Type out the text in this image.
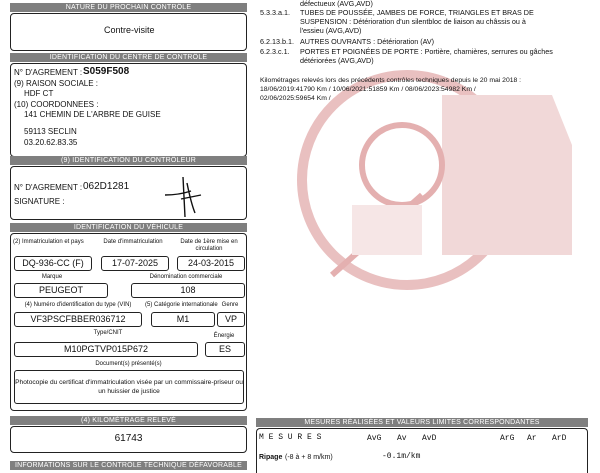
NATURE DU PROCHAIN CONTRÔLE
Contre-visite
IDENTIFICATION DU CENTRE DE CONTRÔLE
N° D'AGREMENT : S059F508
(9) RAISON SOCIALE :
HDF CT
(10) COORDONNEES :
141 CHEMIN DE L'ARBRE DE GUISE
59113 SECLIN
03.20.62.83.35
(9) IDENTIFICATION DU CONTRÔLEUR
N° D'AGREMENT : 062D1281
SIGNATURE :
IDENTIFICATION DU VÉHICULE
(2) Immatriculation et pays	Date d'immatriculation	Date de 1ère mise en circulation
DQ-936-CC (F)	17-07-2025	24-03-2015
Marque	Dénomination commerciale
PEUGEOT	108
(4) Numéro d'identification du type (VIN)	(5) Catégorie internationale Genre
VF3PSCFBBER036712	M1	VP
Type/CNIT	Énergie
M10PGTVP015P672	ES
Document(s) présenté(s)
Photocopie du certificat d'immatriculation visée par un commissaire-priseur ou
un huissier de justice
(4) KILOMÉTRAGE RELEVÉ
61743
INFORMATIONS SUR LE CONTRÔLE TECHNIQUE DÉFAVORABLE
défectueux (AVG,AVD)
5.3.3.a.1. TUBES DE POUSSÉE, JAMBES DE FORCE, TRIANGLES ET BRAS DE
SUSPENSION : Détérioration d'un silentbloc de liaison au châssis ou à
l'essieu (AVG,AVD)
6.2.13.b.1. AUTRES OUVRANTS : Détérioration (AV)
6.2.3.c.1. PORTES ET POIGNÉES DE PORTE : Portière, charnières, serrures ou gâches
détériorées (AVG,AVD)
Kilométrages relevés lors des précédents contrôles techniques depuis le 20 mai 2018 :
18/06/2019:41790 Km / 10/06/2021:51859 Km / 08/06/2023:54982 Km /
02/06/2025:59654 Km /
MESURES RÉALISÉES ET VALEURS LIMITES CORRESPONDANTES
M E S U R E S	AvG Av AvD	ArG Ar ArD
Ripage (-8 à + 8 m/km)	-0.1m/km
